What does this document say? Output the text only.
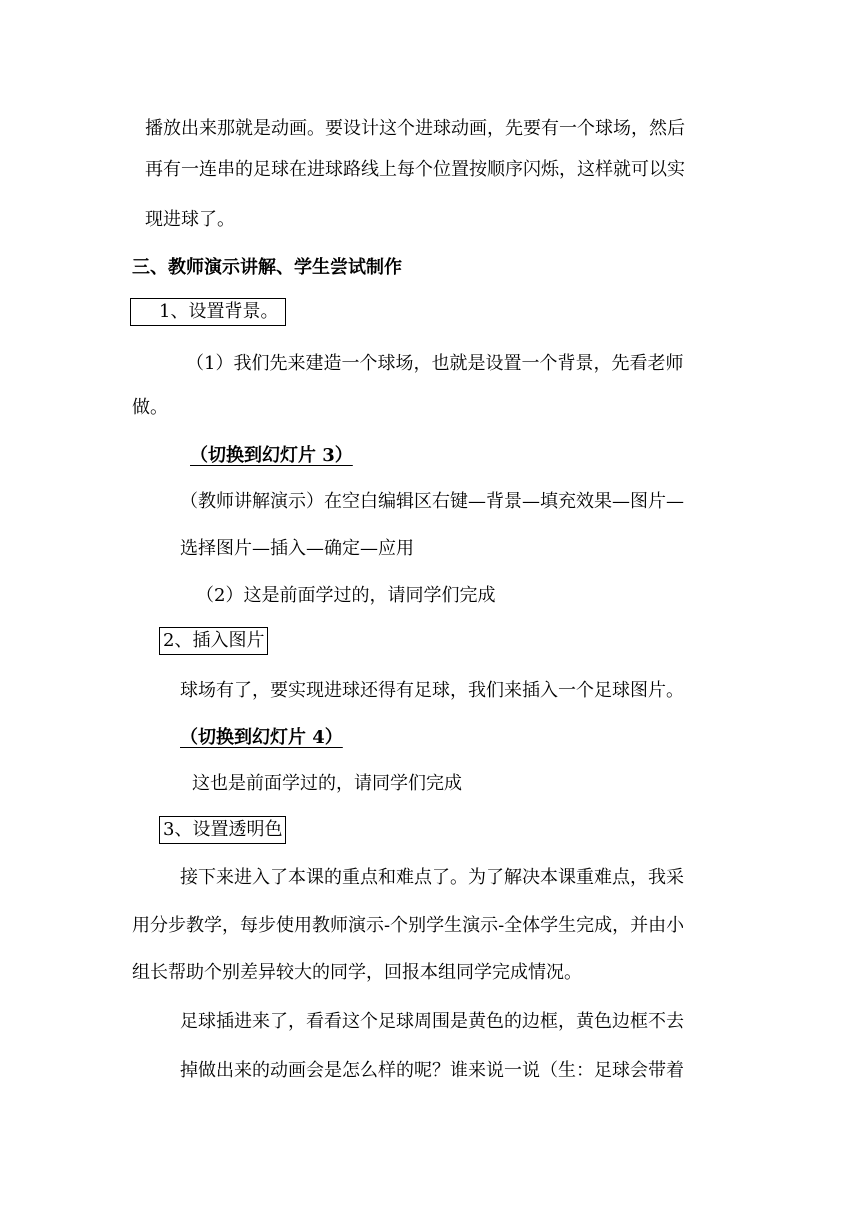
播放出来那就是动画。要设计这个进球动画，先要有一个球场，然后
再有一连串的足球在进球路线上每个位置按顺序闪烁，这样就可以实
现进球了。
三、教师演示讲解、学生尝试制作
1、设置背景。
（1）我们先来建造一个球场，也就是设置一个背景，先看老师
做。
（切换到幻灯片 3）
（教师讲解演示）在空白编辑区右键—背景—填充效果—图片—
选择图片—插入—确定—应用
（2）这是前面学过的，请同学们完成
2、插入图片
球场有了，要实现进球还得有足球，我们来插入一个足球图片。
（切换到幻灯片 4）
这也是前面学过的，请同学们完成
3、设置透明色
接下来进入了本课的重点和难点了。为了解决本课重难点，我采
用分步教学，每步使用教师演示-个别学生演示-全体学生完成，并由小
组长帮助个别差异较大的同学，回报本组同学完成情况。
足球插进来了，看看这个足球周围是黄色的边框，黄色边框不去
掉做出来的动画会是怎么样的呢？谁来说一说（生：足球会带着
